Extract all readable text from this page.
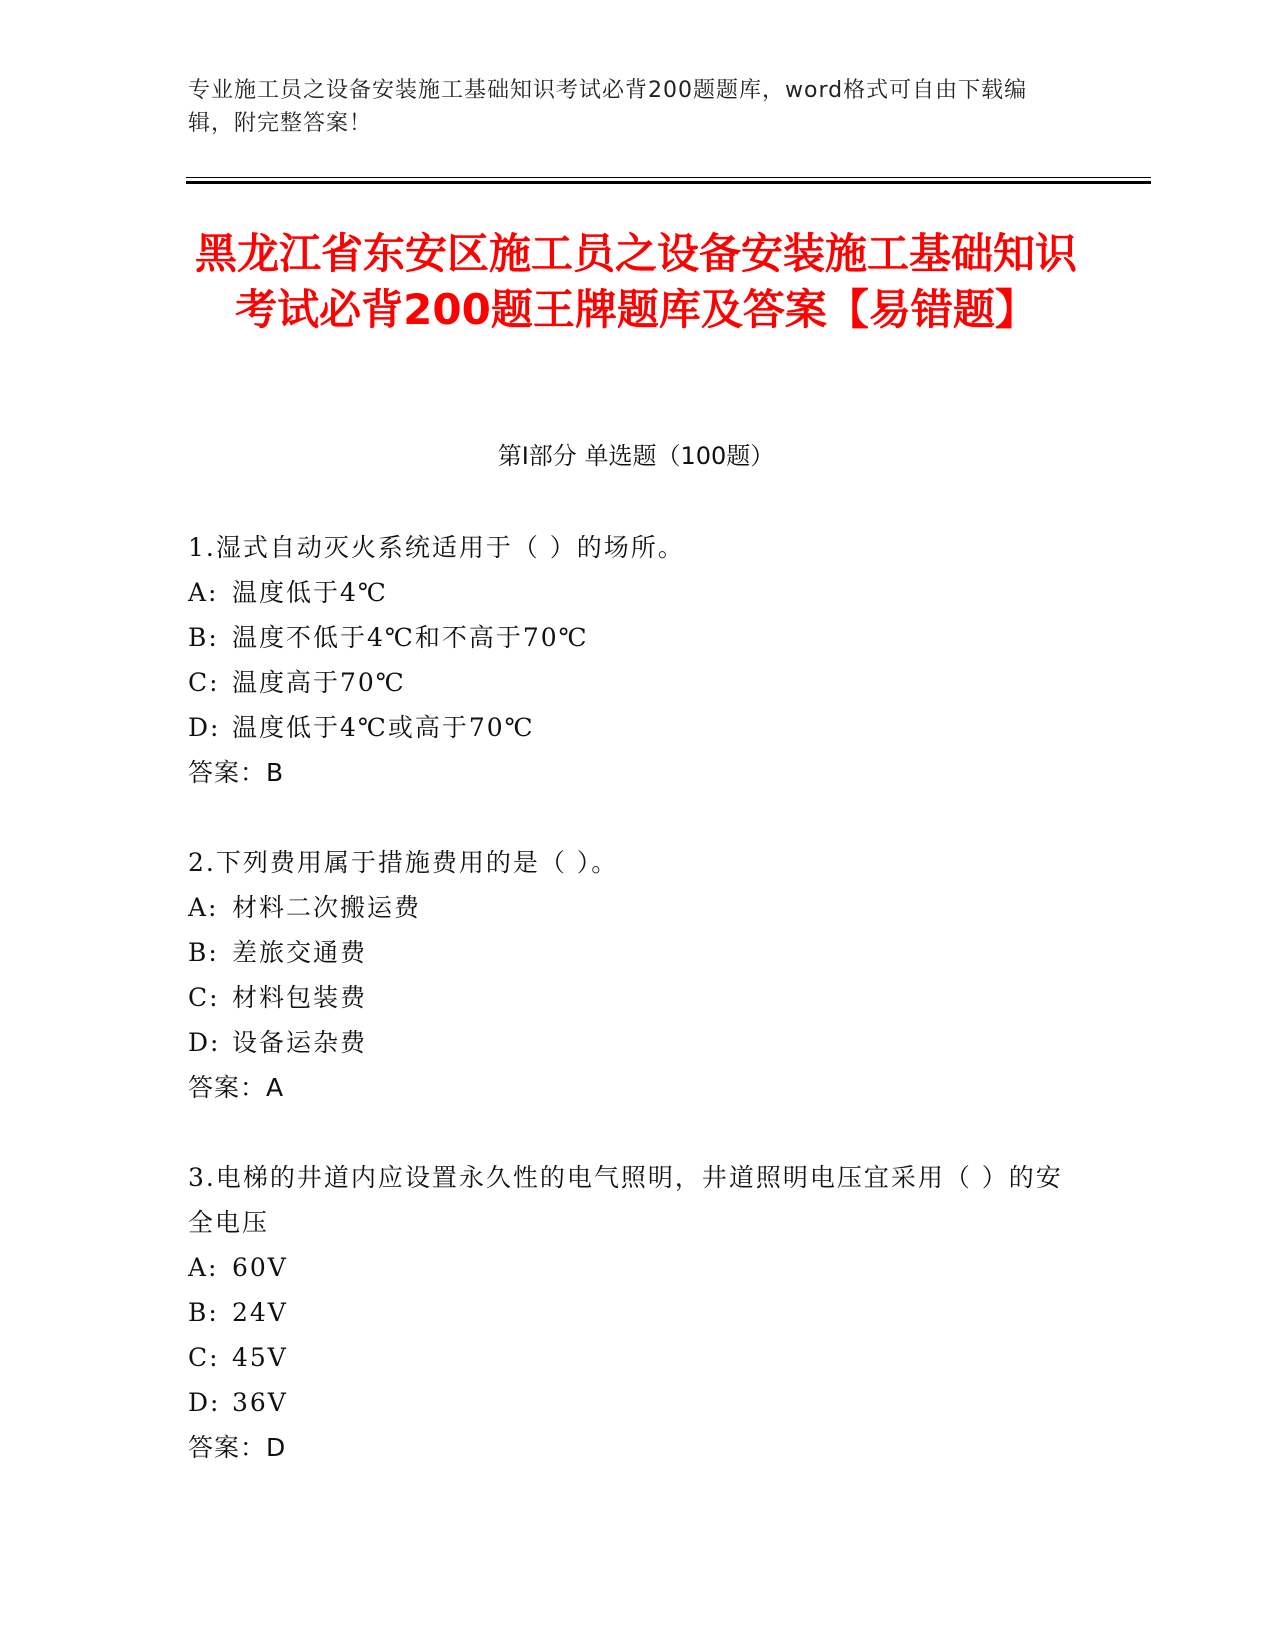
专业施工员之设备安装施工基础知识考试必背200题题库，word格式可自由下载编辑，附完整答案！
黑龙江省东安区施工员之设备安装施工基础知识考试必背200题王牌题库及答案【易错题】
第I部分 单选题（100题）
1.湿式自动灭火系统适用于（ ）的场所。
A: 温度低于4℃
B: 温度不低于4℃和不高于70℃
C: 温度高于70℃
D: 温度低于4℃或高于70℃
答案：B
2.下列费用属于措施费用的是（ ）。
A: 材料二次搬运费
B: 差旅交通费
C: 材料包装费
D: 设备运杂费
答案：A
3.电梯的井道内应设置永久性的电气照明，井道照明电压宜采用（ ）的安全电压
A: 60V
B: 24V
C: 45V
D: 36V
答案：D
